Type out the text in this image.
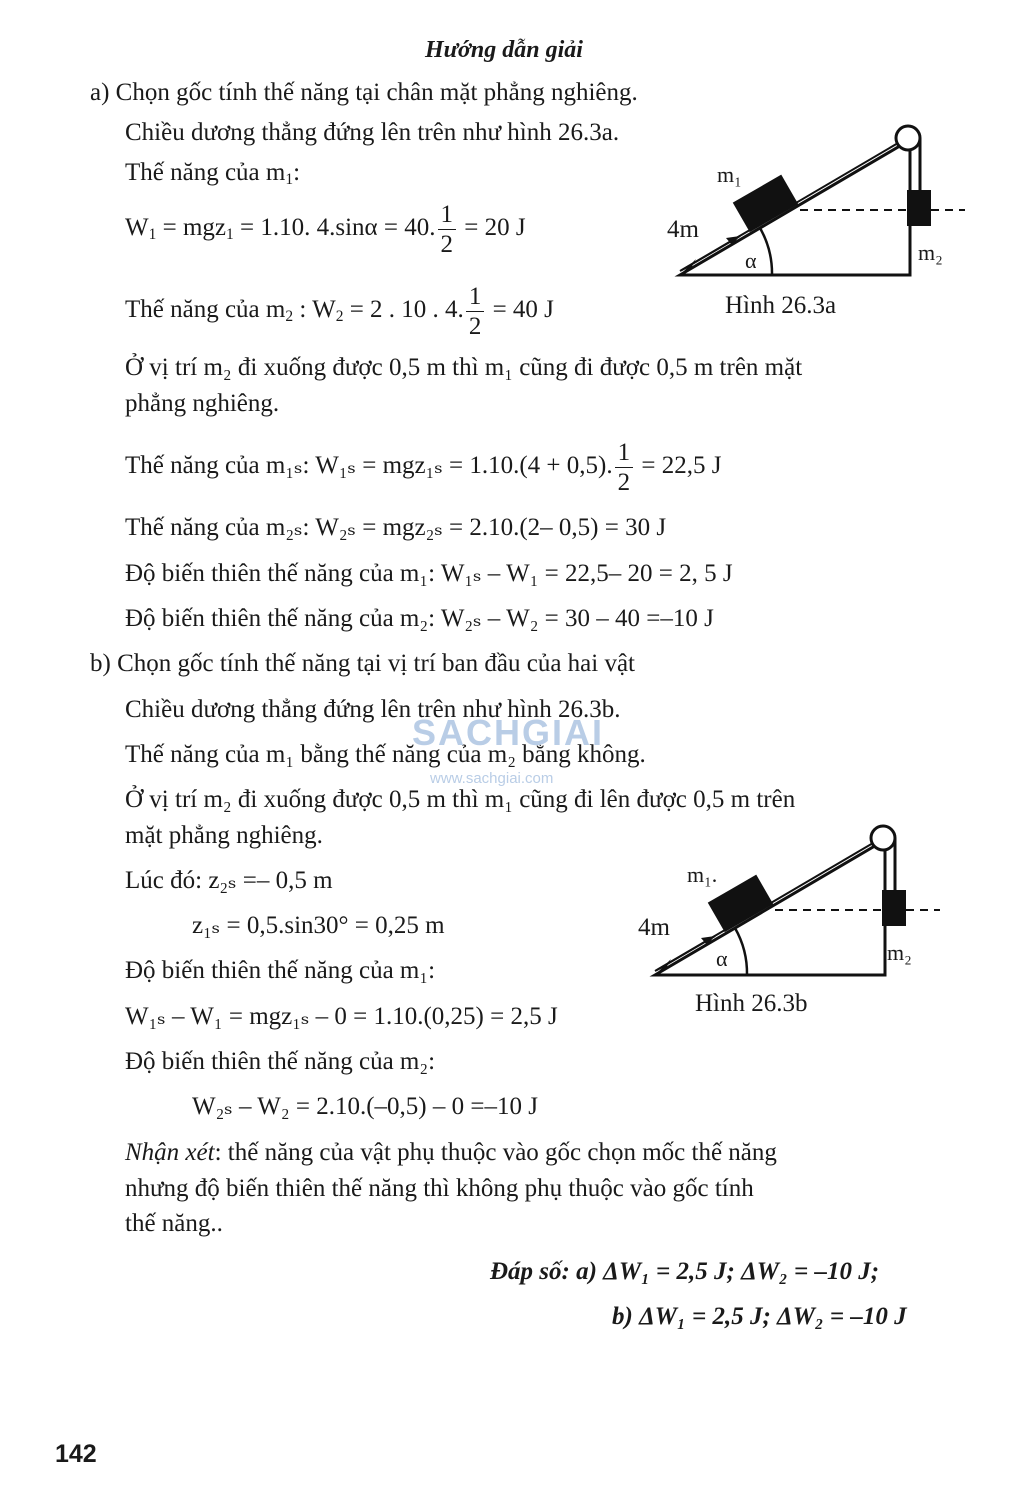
Hướng dẫn giải
a) Chọn gốc tính thế năng tại chân mặt phẳng nghiêng.
Chiều dương thẳng đứng lên trên như hình 26.3a.
Thế năng của $m_1$:
$W_1 = mgz_1 = 1.10$. 4.sinα = 40. $\frac{1}{2} = 20$ J
Thế năng của $m_2$ : $W_2 = 2$ . 10 . 4. $\frac{1}{2} = 40$ J
Ở vị trí m₂ đi xuống được 0,5 m thì m₁ cũng đi được 0,5 m trên mặt
phẳng nghiêng.
Thế năng của m₁ₛ: W₁ₛ = mgz₁ₛ = 1.10.(4 + 0,5). $\frac{1}{2} = 22,5$ J
Thế năng của m₂ₛ: W₂ₛ = mgz₂ₛ = 2.10.(2– 0,5) = 30 J
Độ biến thiên thế năng của m₁: W₁ₛ – W₁ = 22,5– 20 = 2, 5 J
Độ biến thiên thế năng của m₂: W₂ₛ – W₂ = 30 – 40 =–10 J
m₁
4m
α	m₂
Hình 26.3a
b) Chọn gốc tính thế năng tại vị trí ban đầu của hai vật
Chiều dương thẳng đứng lên trên như hình 26.3b.
Thế năng của m₁ bằng thế năng của m₂ bằng không.
Ở vị trí m₂ đi xuống được 0,5 m thì m₁ cũng đi lên được 0,5 m trên
mặt phẳng nghiêng.
Lúc đó: z₂ₛ =– 0,5 m
z₁ₛ = 0,5.sin30° = 0,25 m
Độ biến thiên thế năng của m₁:
W₁ₛ – W₁ = mgz₁ₛ – 0 = 1.10.(0,25) = 2,5 J
Độ biến thiên thế năng của m₂:
W₂ₛ – W₂ = 2.10.(–0,5) – 0 =–10 J
m₁.
4m
α	m₂
Hình 26.3b
Nhận xét: thế năng của vật phụ thuộc vào gốc chọn mốc thế năng
nhưng độ biến thiên thế năng thì không phụ thuộc vào gốc tính
thế năng..
Đáp số: a) ΔW₁ = 2,5 J; ΔW₂ = –10 J;
b) ΔW₁ = 2,5 J; ΔW₂ = –10 J
SACHGIAI
www.sachgiai.com
142
